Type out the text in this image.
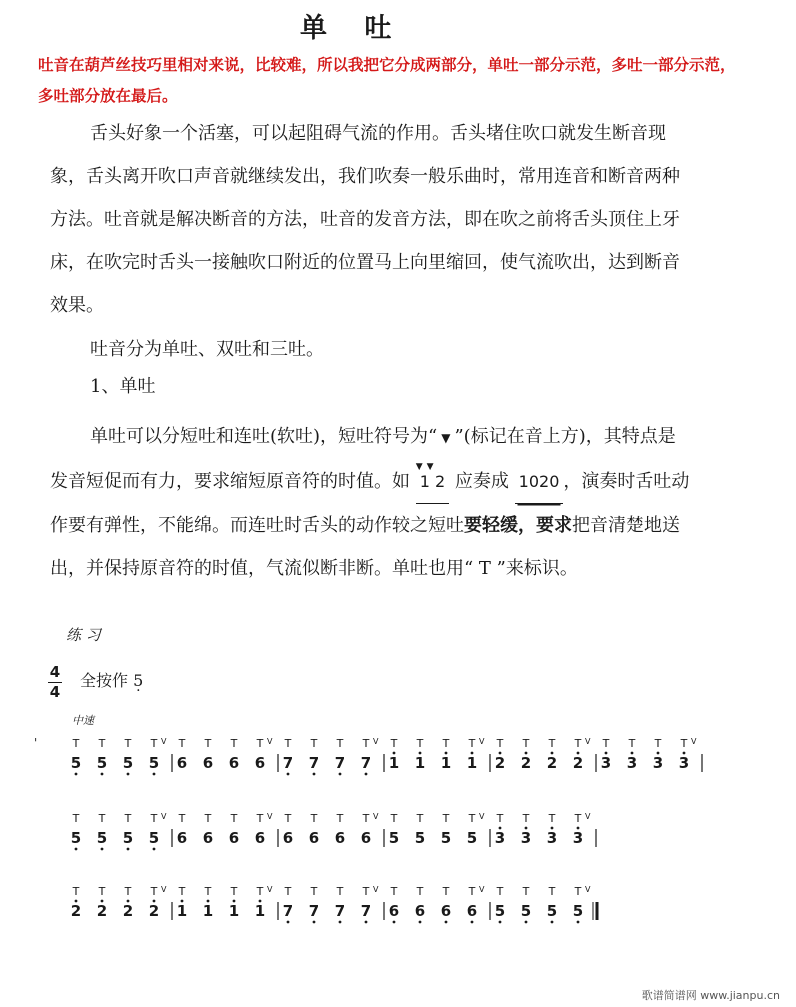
单 吐

吐音在葫芦丝技巧里相对来说，比较难，所以我把它分成两部分，单吐一部分示范，多吐一部分示范，

多吐部分放在最后。

舌头好象一个活塞，可以起阻碍气流的作用。舌头堵住吹口就发生断音现

象，舌头离开吹口声音就继续发出，我们吹奏一般乐曲时，常用连音和断音两种

方法。吐音就是解决断音的方法，吐音的发音方法，即在吹之前将舌头顶住上牙

床，在吹完时舌头一接触吹口附近的位置马上向里缩回，使气流吹出，达到断音

效果。

吐音分为单吐、双吐和三吐。

1、单吐

单吐可以分短吐和连吐(软吐)，短吐符号为“ ▼ ”(标记在音上方)，其特点是

发音短促而有力，要求缩短原音符的时值。如
▼▼
1 2 应奏成 1020 ，演奏时舌吐动

作要有弹性，不能绵。而连吐时舌头的动作较之短吐要轻缓，要求把音清楚地送

出，并保持原音符的时值，气流似断非断。单吐也用“ T ”来标识。

练 习
4
4
全按作 5 ·
中速
'	T
5
T
5
T
5
T V
5
T
6
T
6
T
6
T V
6
T
7
T
7
T
7
T V
7
T
1
T
1
T
1
T V
1
T
2
T
2
T
2
T V
2
T
3
T
3
T
3
T V
3
T
5
T
5
T
5
T V
5
T
6
T
6
T
6
T V
6
T
6
T
6
T
6
T V
6
T
5
T
5
T
5
T V
5
T
3
T
3
T
3
T V
3
T
2
T
2
T
2
T V
2
T
1
T
1
T
1
T V
1
T
7
T
7
T
7
T V
7
T
6
T
6
T
6
T V
6
T
5
T
5
T
5
T V
5
歌谱简谱网 www.jianpu.cn
